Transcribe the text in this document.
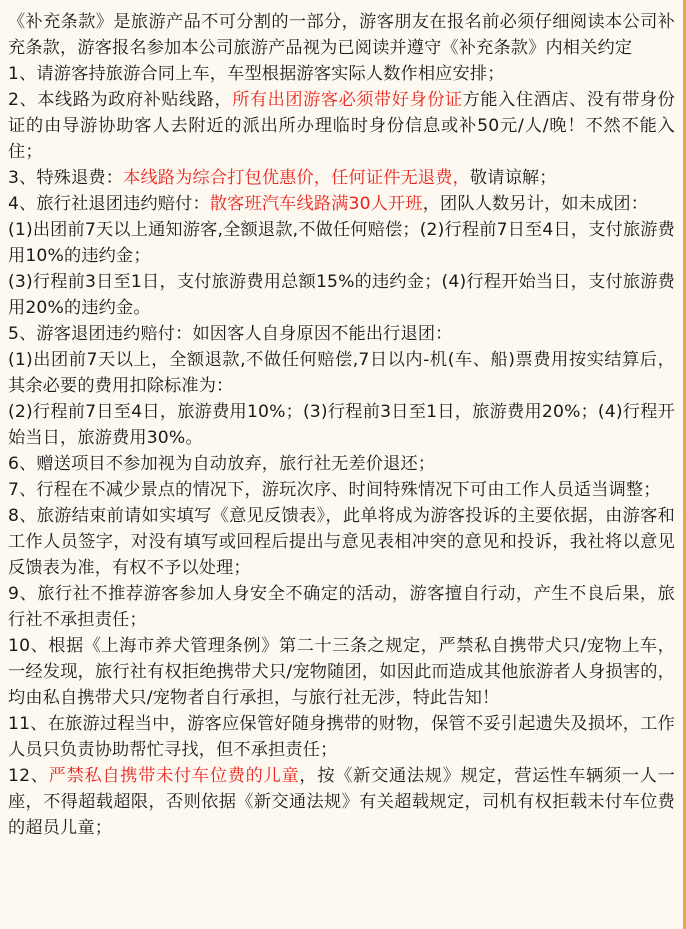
《补充条款》是旅游产品不可分割的一部分，游客朋友在报名前必须仔细阅读本公司补充条款，游客报名参加本公司旅游产品视为已阅读并遵守《补充条款》内相关约定

1、请游客持旅游合同上车，车型根据游客实际人数作相应安排；

2、本线路为政府补贴线路，所有出团游客必须带好身份证方能入住酒店、没有带身份证的由导游协助客人去附近的派出所办理临时身份信息或补50元/人/晚！不然不能入住；

3、特殊退费：本线路为综合打包优惠价，任何证件无退费，敬请谅解；

4、旅行社退团违约赔付：散客班汽车线路满30人开班，团队人数另计，如未成团：

(1)出团前7天以上通知游客,全额退款,不做任何赔偿；(2)行程前7日至4日，支付旅游费用10%的违约金；

(3)行程前3日至1日，支付旅游费用总额15%的违约金；(4)行程开始当日，支付旅游费用20%的违约金。

5、游客退团违约赔付：如因客人自身原因不能出行退团：

(1)出团前7天以上，全额退款,不做任何赔偿,7日以内-机(车、船)票费用按实结算后，其余必要的费用扣除标准为：

(2)行程前7日至4日，旅游费用10%；(3)行程前3日至1日，旅游费用20%；(4)行程开始当日，旅游费用30%。

6、赠送项目不参加视为自动放弃，旅行社无差价退还；

7、行程在不减少景点的情况下，游玩次序、时间特殊情况下可由工作人员适当调整；

8、旅游结束前请如实填写《意见反馈表》，此单将成为游客投诉的主要依据，由游客和工作人员签字，对没有填写或回程后提出与意见表相冲突的意见和投诉，我社将以意见反馈表为准，有权不予以处理；

9、旅行社不推荐游客参加人身安全不确定的活动，游客擅自行动，产生不良后果，旅行社不承担责任；

10、根据《上海市养犬管理条例》第二十三条之规定，严禁私自携带犬只/宠物上车，一经发现，旅行社有权拒绝携带犬只/宠物随团，如因此而造成其他旅游者人身损害的，均由私自携带犬只/宠物者自行承担，与旅行社无涉，特此告知！

11、在旅游过程当中，游客应保管好随身携带的财物，保管不妥引起遗失及损坏，工作人员只负责协助帮忙寻找，但不承担责任；

12、严禁私自携带未付车位费的儿童，按《新交通法规》规定，营运性车辆须一人一座，不得超载超限，否则依据《新交通法规》有关超载规定，司机有权拒载未付车位费的超员儿童；
